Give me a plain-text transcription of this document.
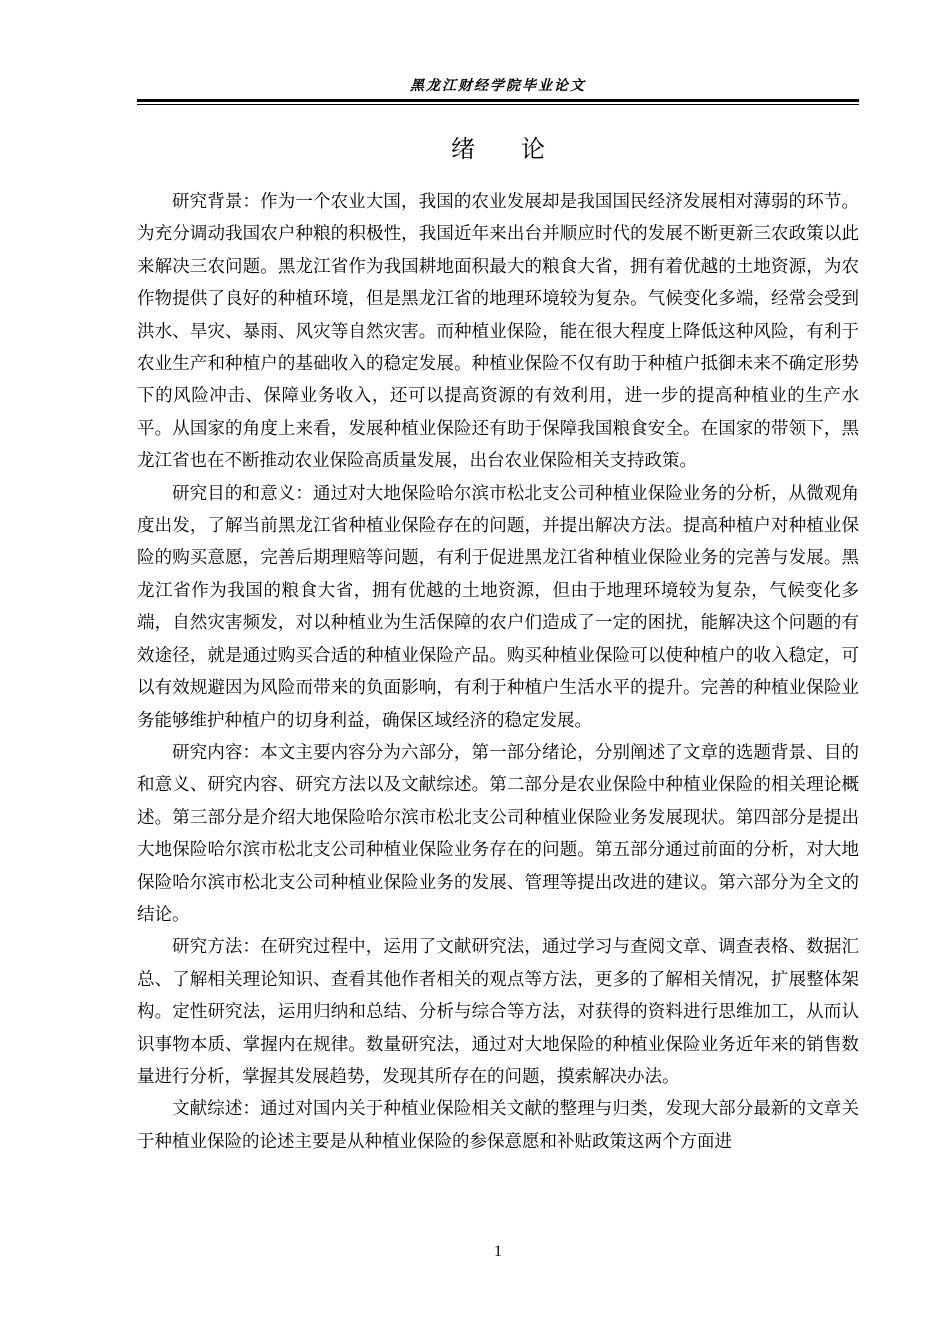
黑龙江财经学院毕业论文
绪论

研究背景：作为一个农业大国，我国的农业发展却是我国国民经济发展相对薄弱的环节。为充分调动我国农户种粮的积极性，我国近年来出台并顺应时代的发展不断更新三农政策以此来解决三农问题。黑龙江省作为我国耕地面积最大的粮食大省，拥有着优越的土地资源，为农作物提供了良好的种植环境，但是黑龙江省的地理环境较为复杂。气候变化多端，经常会受到洪水、旱灾、暴雨、风灾等自然灾害。而种植业保险，能在很大程度上降低这种风险，有利于农业生产和种植户的基础收入的稳定发展。种植业保险不仅有助于种植户抵御未来不确定形势下的风险冲击、保障业务收入，还可以提高资源的有效利用，进一步的提高种植业的生产水平。从国家的角度上来看，发展种植业保险还有助于保障我国粮食安全。在国家的带领下，黑龙江省也在不断推动农业保险高质量发展，出台农业保险相关支持政策。

研究目的和意义：通过对大地保险哈尔滨市松北支公司种植业保险业务的分析，从微观角度出发，了解当前黑龙江省种植业保险存在的问题，并提出解决方法。提高种植户对种植业保险的购买意愿，完善后期理赔等问题，有利于促进黑龙江省种植业保险业务的完善与发展。黑龙江省作为我国的粮食大省，拥有优越的土地资源，但由于地理环境较为复杂，气候变化多端，自然灾害频发，对以种植业为生活保障的农户们造成了一定的困扰，能解决这个问题的有效途径，就是通过购买合适的种植业保险产品。购买种植业保险可以使种植户的收入稳定，可以有效规避因为风险而带来的负面影响，有利于种植户生活水平的提升。完善的种植业保险业务能够维护种植户的切身利益，确保区域经济的稳定发展。

研究内容：本文主要内容分为六部分，第一部分绪论，分别阐述了文章的选题背景、目的和意义、研究内容、研究方法以及文献综述。第二部分是农业保险中种植业保险的相关理论概述。第三部分是介绍大地保险哈尔滨市松北支公司种植业保险业务发展现状。第四部分是提出大地保险哈尔滨市松北支公司种植业保险业务存在的问题。第五部分通过前面的分析，对大地保险哈尔滨市松北支公司种植业保险业务的发展、管理等提出改进的建议。第六部分为全文的结论。

研究方法：在研究过程中，运用了文献研究法，通过学习与查阅文章、调查表格、数据汇总、了解相关理论知识、查看其他作者相关的观点等方法，更多的了解相关情况，扩展整体架构。定性研究法，运用归纳和总结、分析与综合等方法，对获得的资料进行思维加工，从而认识事物本质、掌握内在规律。数量研究法，通过对大地保险的种植业保险业务近年来的销售数量进行分析，掌握其发展趋势，发现其所存在的问题，摸索解决办法。

文献综述：通过对国内关于种植业保险相关文献的整理与归类，发现大部分最新的文章关于种植业保险的论述主要是从种植业保险的参保意愿和补贴政策这两个方面进

1
